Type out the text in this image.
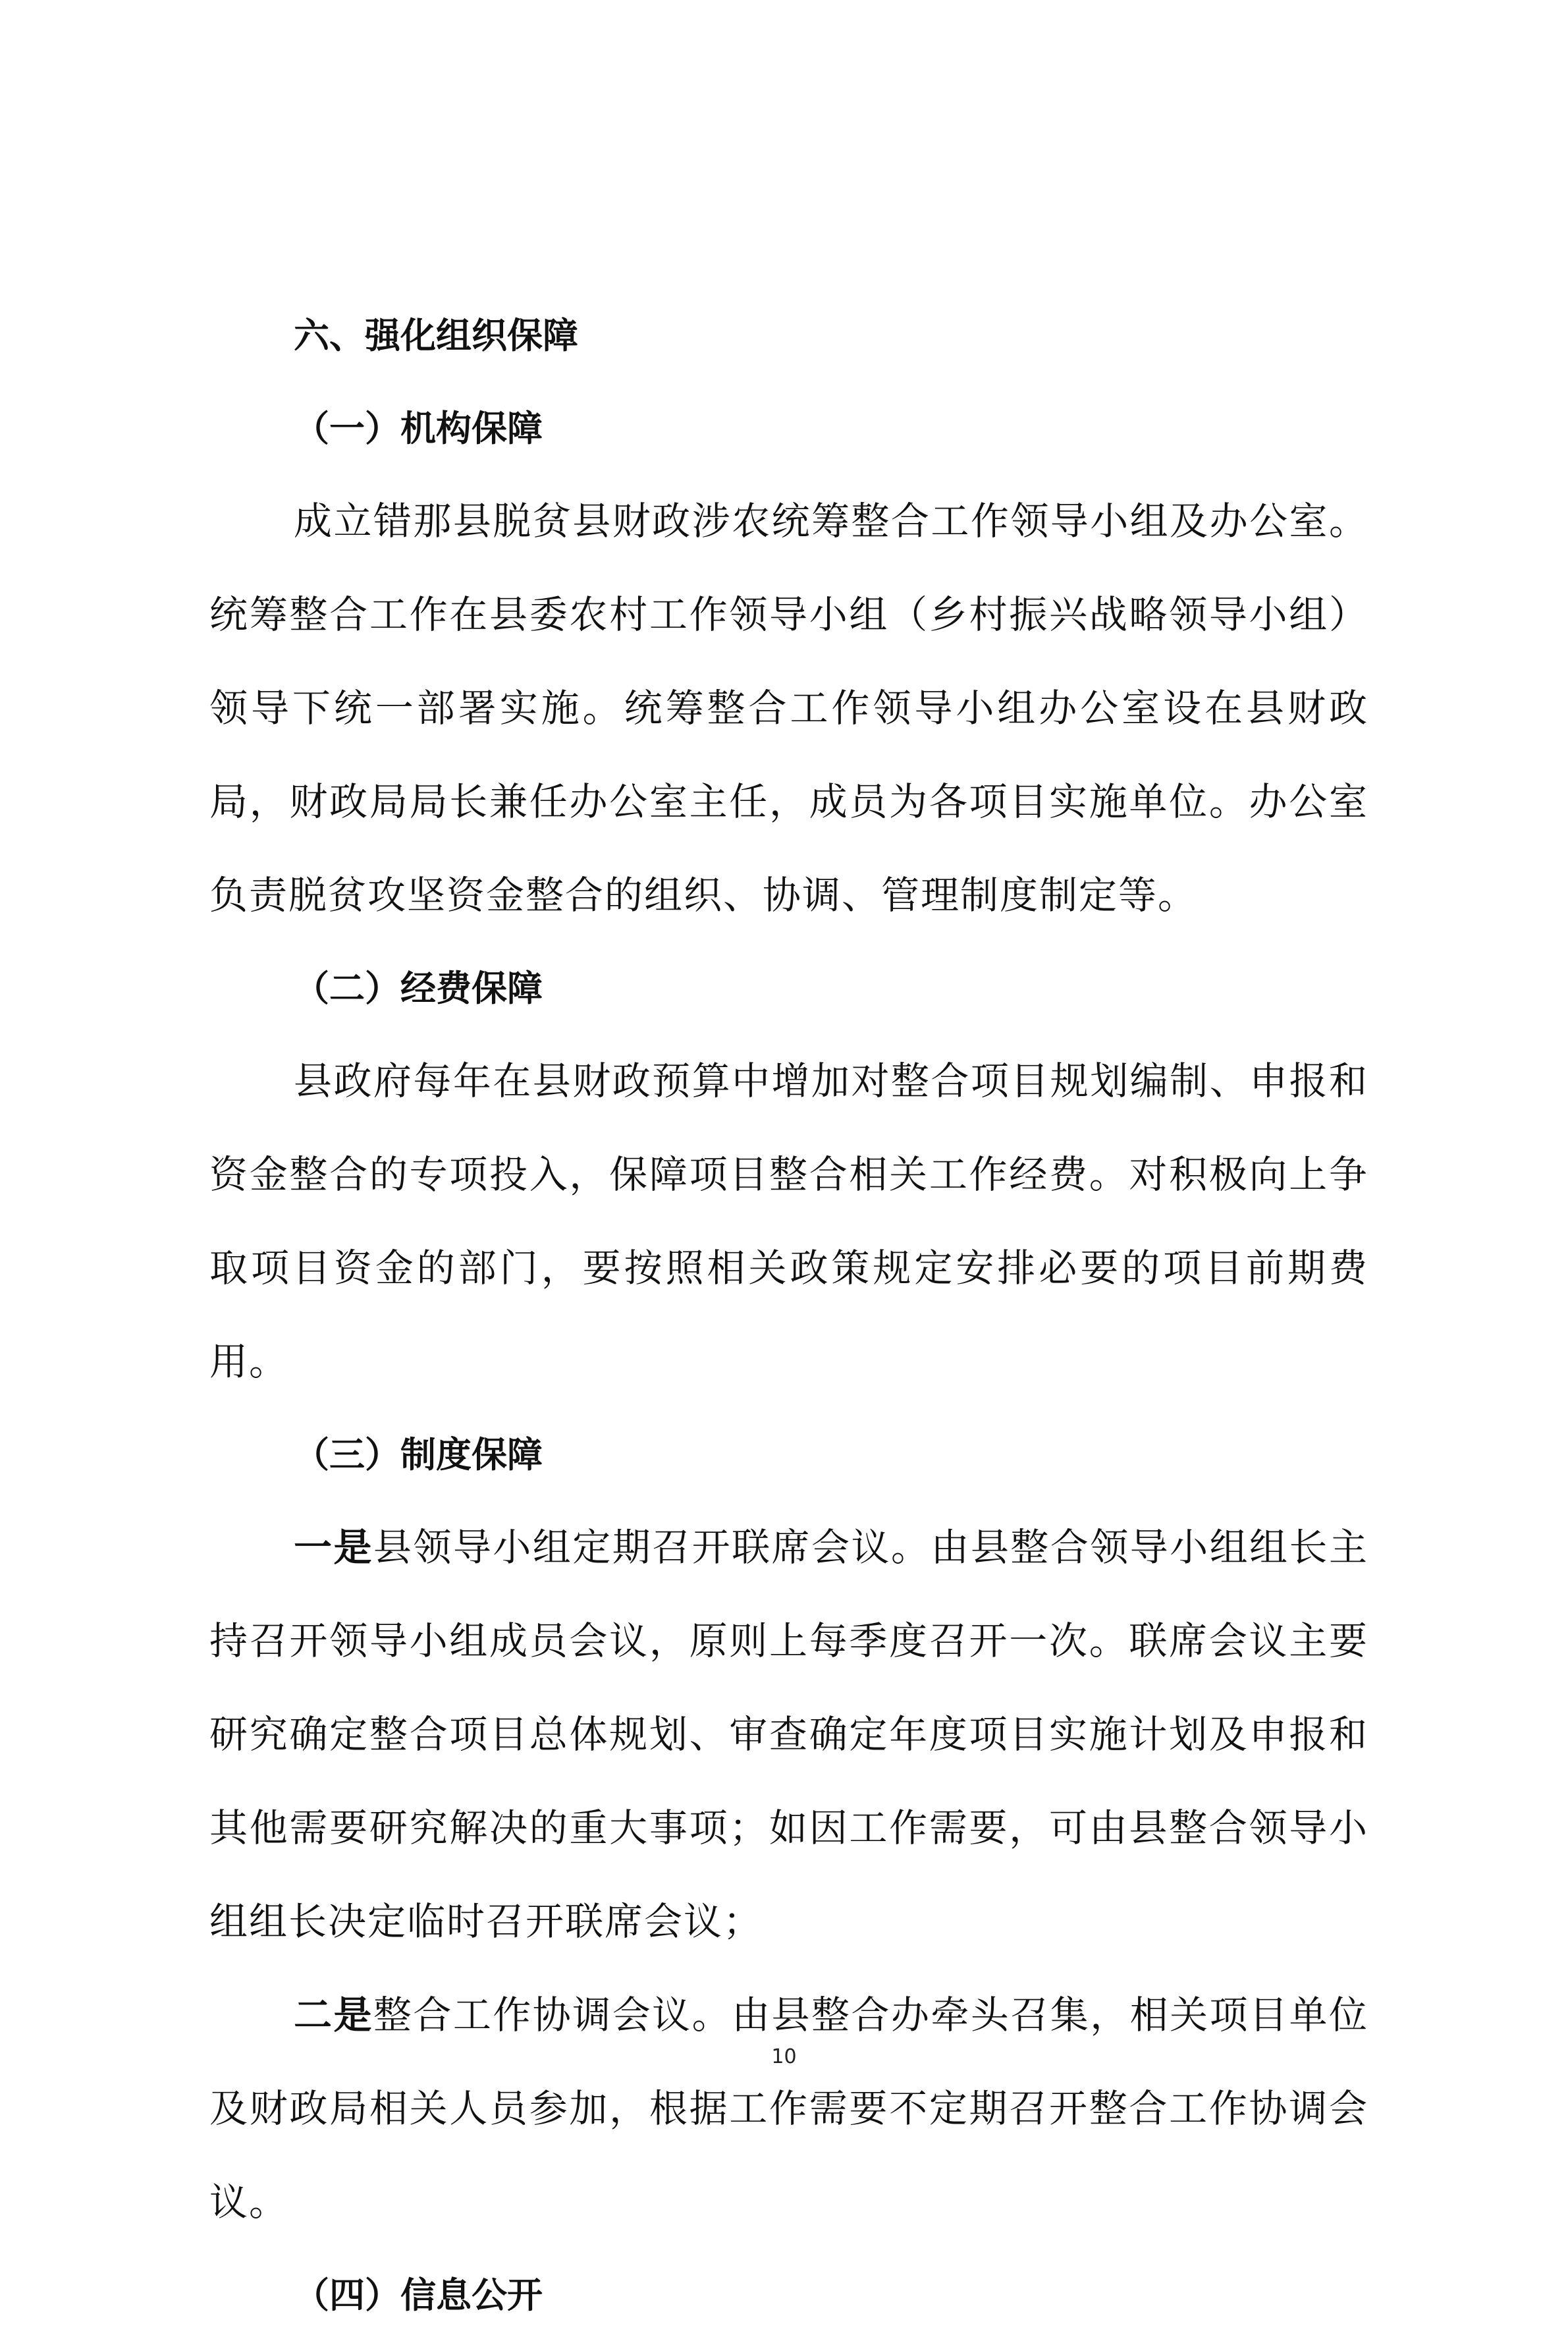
六、强化组织保障
（一）机构保障

成立错那县脱贫县财政涉农统筹整合工作领导小组及办公室。统筹整合工作在县委农村工作领导小组（乡村振兴战略领导小组）领导下统一部署实施。统筹整合工作领导小组办公室设在县财政局，财政局局长兼任办公室主任，成员为各项目实施单位。办公室负责脱贫攻坚资金整合的组织、协调、管理制度制定等。

（二）经费保障

县政府每年在县财政预算中增加对整合项目规划编制、申报和资金整合的专项投入，保障项目整合相关工作经费。对积极向上争取项目资金的部门，要按照相关政策规定安排必要的项目前期费用。

（三）制度保障

一是县领导小组定期召开联席会议。由县整合领导小组组长主持召开领导小组成员会议，原则上每季度召开一次。联席会议主要研究确定整合项目总体规划、审查确定年度项目实施计划及申报和其他需要研究解决的重大事项；如因工作需要，可由县整合领导小组组长决定临时召开联席会议；

二是整合工作协调会议。由县整合办牵头召集，相关项目单位及财政局相关人员参加，根据工作需要不定期召开整合工作协调会议。

（四）信息公开
10
